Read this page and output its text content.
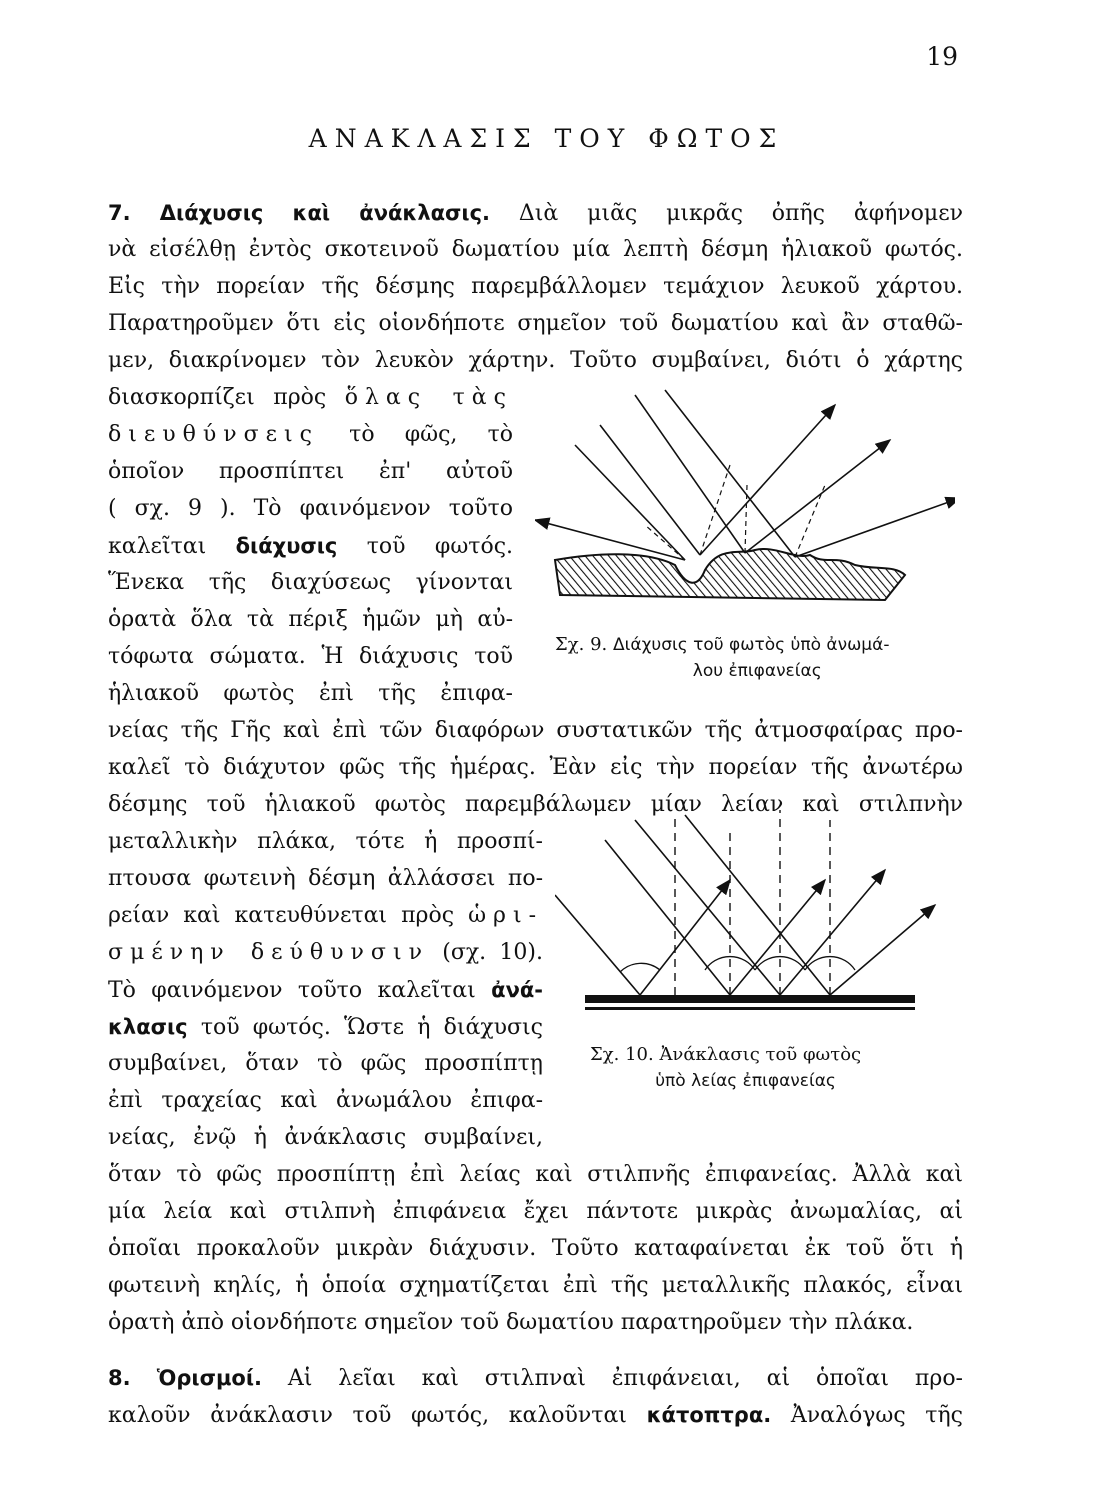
19
ΑΝΑΚΛΑΣΙΣ ΤΟΥ ΦΩΤΟΣ
7. Διάχυσις καὶ ἀνάκλασις. Διὰ μιᾶς μικρᾶς ὀπῆς ἀφήνομεν
νὰ εἰσέλθῃ ἐντὸς σκοτεινοῦ δωματίου μία λεπτὴ δέσμη ἡλιακοῦ φωτός.
Εἰς τὴν πορείαν τῆς δέσμης παρεμβάλλομεν τεμάχιον λευκοῦ χάρτου.
Παρατηροῦμεν ὅτι εἰς οἱονδήποτε σημεῖον τοῦ δωματίου καὶ ἂν σταθῶ-
μεν, διακρίνομεν τὸν λευκὸν χάρτην. Τοῦτο συμβαίνει, διότι ὁ χάρτης
διασκορπίζει πρὸς ὅλας τὰς
διευθύνσεις τὸ φῶς, τὸ
ὁποῖον προσπίπτει ἐπ' αὐτοῦ
( σχ. 9 ). Τὸ φαινόμενον τοῦτο
καλεῖται διάχυσις τοῦ φωτός.
Ἕνεκα τῆς διαχύσεως γίνονται
ὁρατὰ ὅλα τὰ πέριξ ἡμῶν μὴ αὐ-
τόφωτα σώματα. Ἡ διάχυσις τοῦ
ἡλιακοῦ φωτὸς ἐπὶ τῆς ἐπιφα-
Σχ. 9. Διάχυσις τοῦ φωτὸς ὑπὸ ἀνωμά-
λου ἐπιφανείας
νείας τῆς Γῆς καὶ ἐπὶ τῶν διαφόρων συστατικῶν τῆς ἀτμοσφαίρας προ-
καλεῖ τὸ διάχυτον φῶς τῆς ἡμέρας. Ἐὰν εἰς τὴν πορείαν τῆς ἀνωτέρω
δέσμης τοῦ ἡλιακοῦ φωτὸς παρεμβάλωμεν μίαν λείαν καὶ στιλπνὴν
μεταλλικὴν πλάκα, τότε ἡ προσπί-
πτουσα φωτεινὴ δέσμη ἀλλάσσει πο-
ρείαν καὶ κατευθύνεται πρὸς ὡρι-
σμένην δεύθυνσιν (σχ. 10).
Τὸ φαινόμενον τοῦτο καλεῖται ἀνά-
κλασις τοῦ φωτός. Ὥστε ἡ διάχυσις
συμβαίνει, ὅταν τὸ φῶς προσπίπτῃ
ἐπὶ τραχείας καὶ ἀνωμάλου ἐπιφα-
νείας, ἐνῷ ἡ ἀνάκλασις συμβαίνει,
Σχ. 10. Ἀνάκλασις τοῦ φωτὸς
ὑπὸ λείας ἐπιφανείας
ὅταν τὸ φῶς προσπίπτῃ ἐπὶ λείας καὶ στιλπνῆς ἐπιφανείας. Ἀλλὰ καὶ
μία λεία καὶ στιλπνὴ ἐπιφάνεια ἔχει πάντοτε μικρὰς ἀνωμαλίας, αἱ
ὁποῖαι προκαλοῦν μικρὰν διάχυσιν. Τοῦτο καταφαίνεται ἐκ τοῦ ὅτι ἡ
φωτεινὴ κηλίς, ἡ ὁποία σχηματίζεται ἐπὶ τῆς μεταλλικῆς πλακός, εἶναι
ὁρατὴ ἀπὸ οἱονδήποτε σημεῖον τοῦ δωματίου παρατηροῦμεν τὴν πλάκα.
8. Ὁρισμοί. Αἱ λεῖαι καὶ στιλπναὶ ἐπιφάνειαι, αἱ ὁποῖαι προ-
καλοῦν ἀνάκλασιν τοῦ φωτός, καλοῦνται κάτοπτρα. Ἀναλόγως τῆς
